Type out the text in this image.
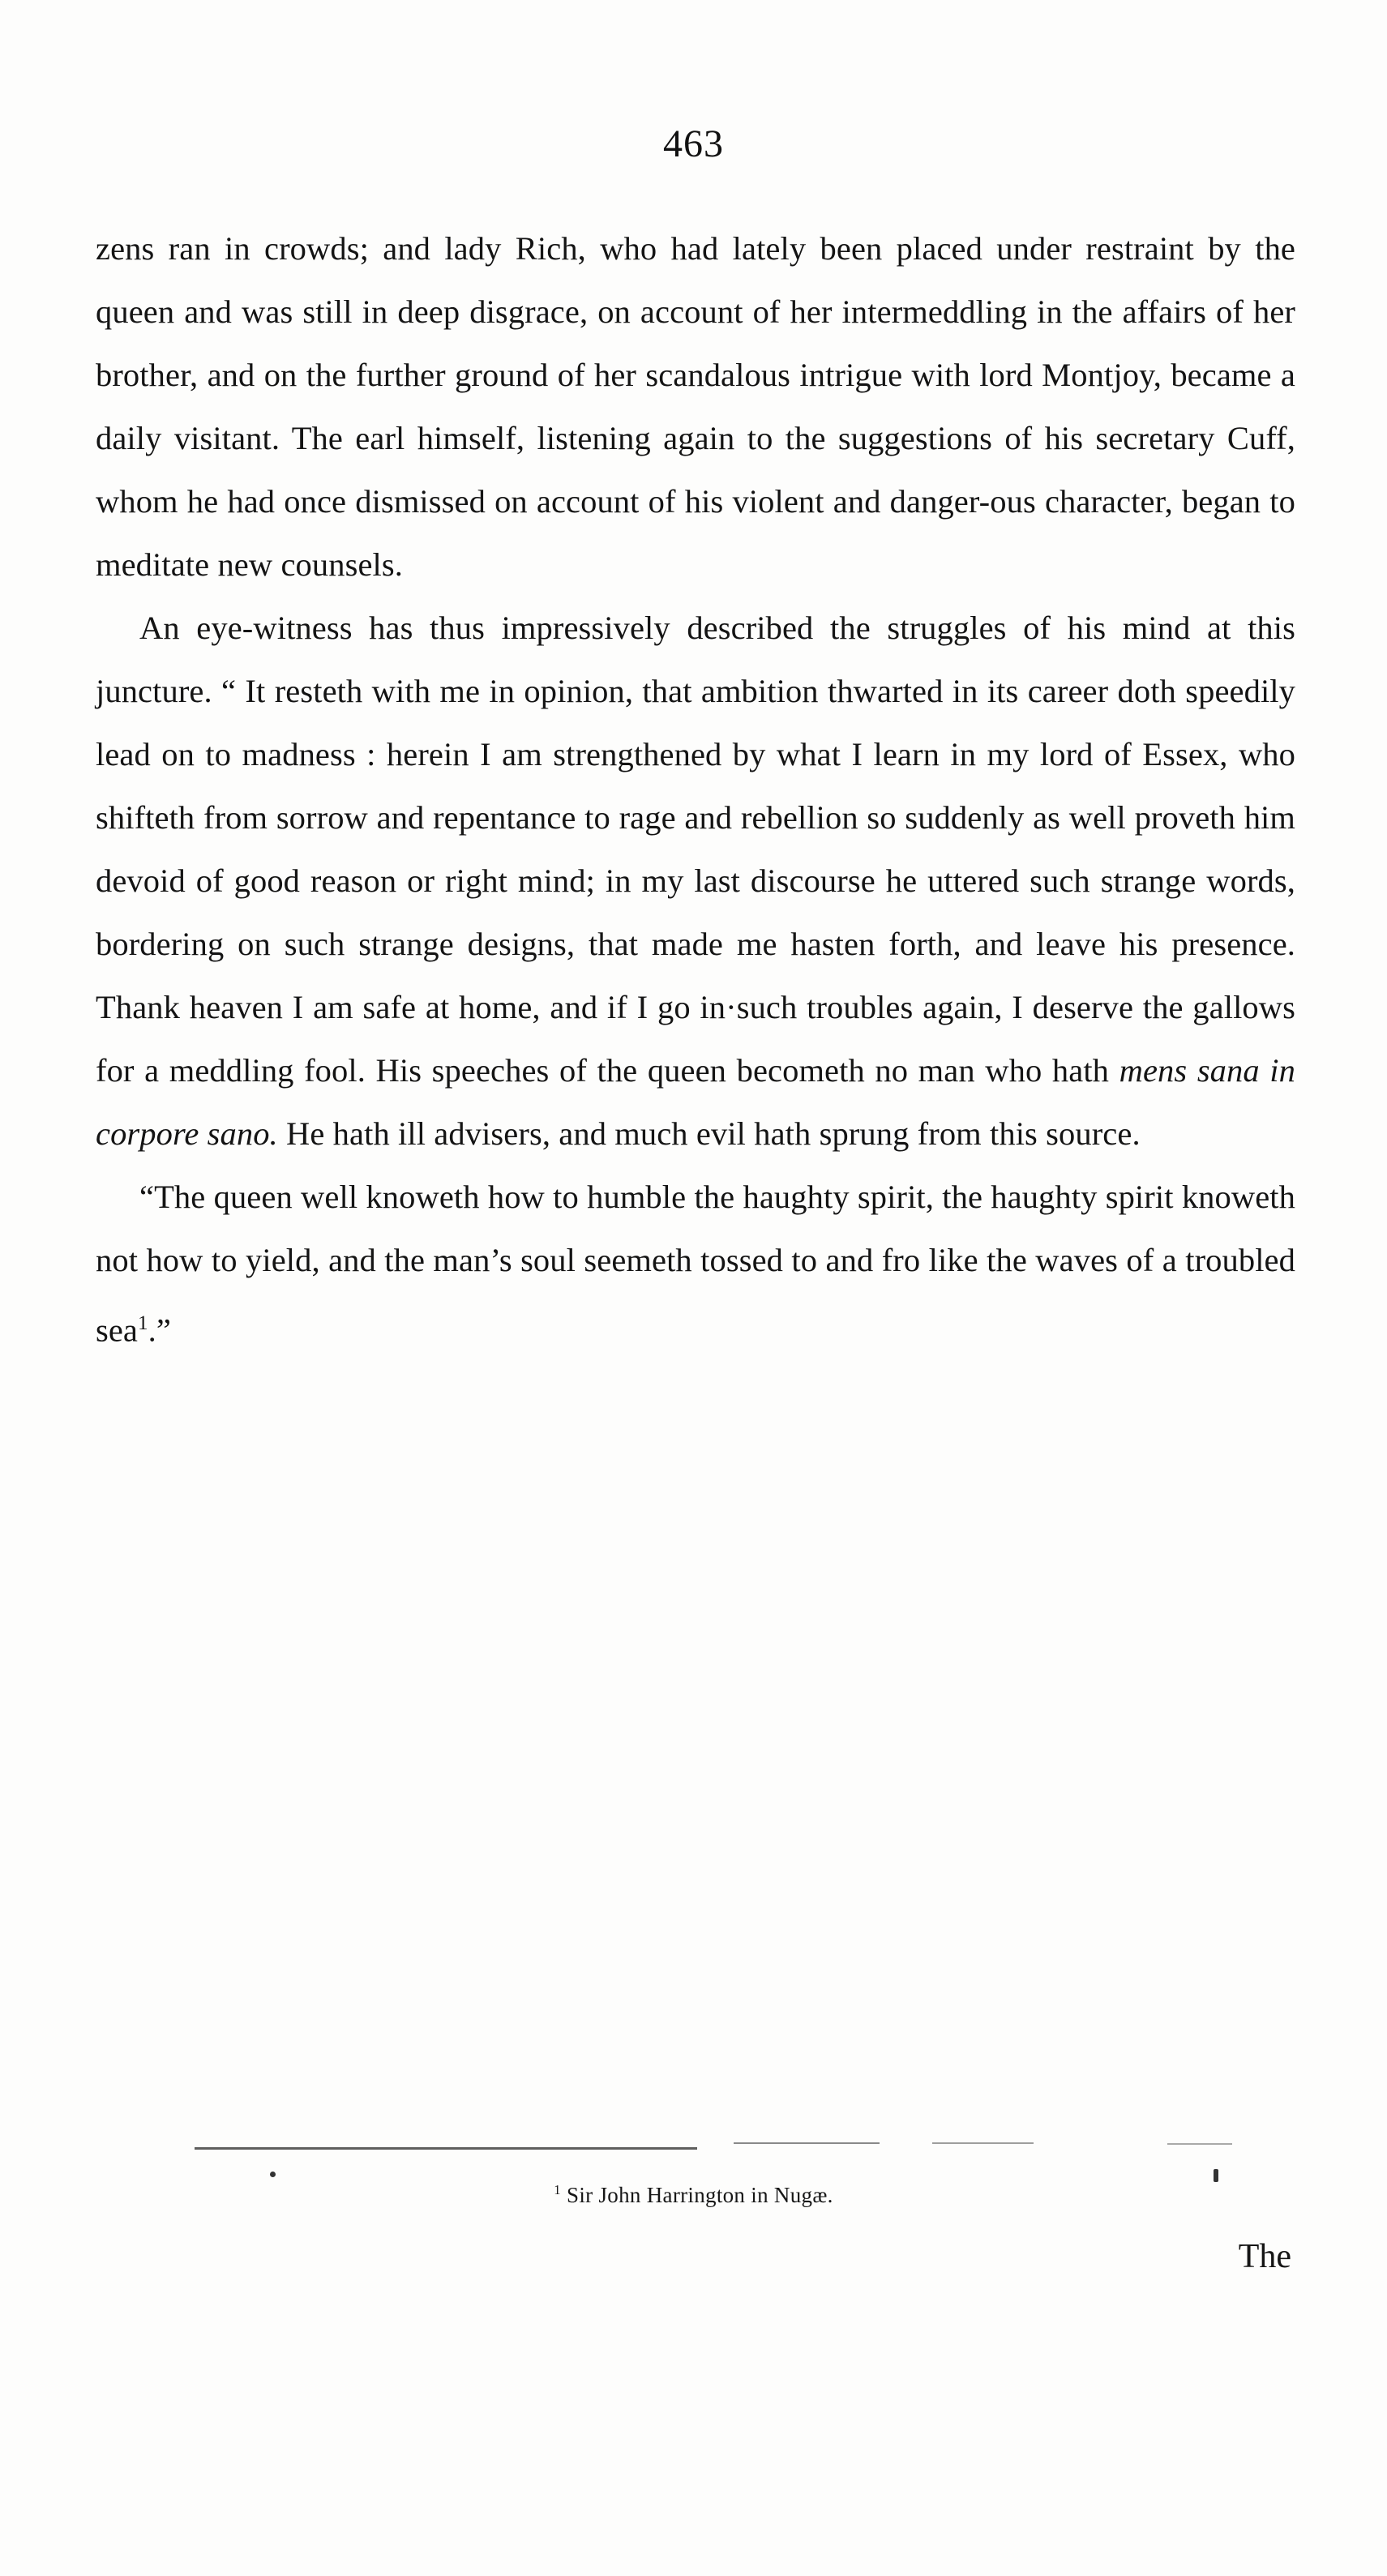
463

zens ran in crowds; and lady Rich, who had lately been placed under restraint by the queen and was still in deep disgrace, on account of her intermeddling in the affairs of her brother, and on the further ground of her scandalous intrigue with lord Montjoy, became a daily visitant. The earl himself, listening again to the suggestions of his secretary Cuff, whom he had once dismissed on account of his violent and danger-ous character, began to meditate new counsels.

An eye-witness has thus impressively described the struggles of his mind at this juncture. “ It resteth with me in opinion, that ambition thwarted in its career doth speedily lead on to madness : herein I am strengthened by what I learn in my lord of Essex, who shifteth from sorrow and repentance to rage and rebellion so suddenly as well proveth him devoid of good reason or right mind; in my last discourse he uttered such strange words, bordering on such strange designs, that made me hasten forth, and leave his presence. Thank heaven I am safe at home, and if I go in·such troubles again, I deserve the gallows for a meddling fool. His speeches of the queen becometh no man who hath mens sana in corpore sano. He hath ill advisers, and much evil hath sprung from this source.

“The queen well knoweth how to humble the haughty spirit, the haughty spirit knoweth not how to yield, and the man’s soul seemeth tossed to and fro like the waves of a troubled sea$^1$.”

$^1$ Sir John Harrington in Nugæ.
The
